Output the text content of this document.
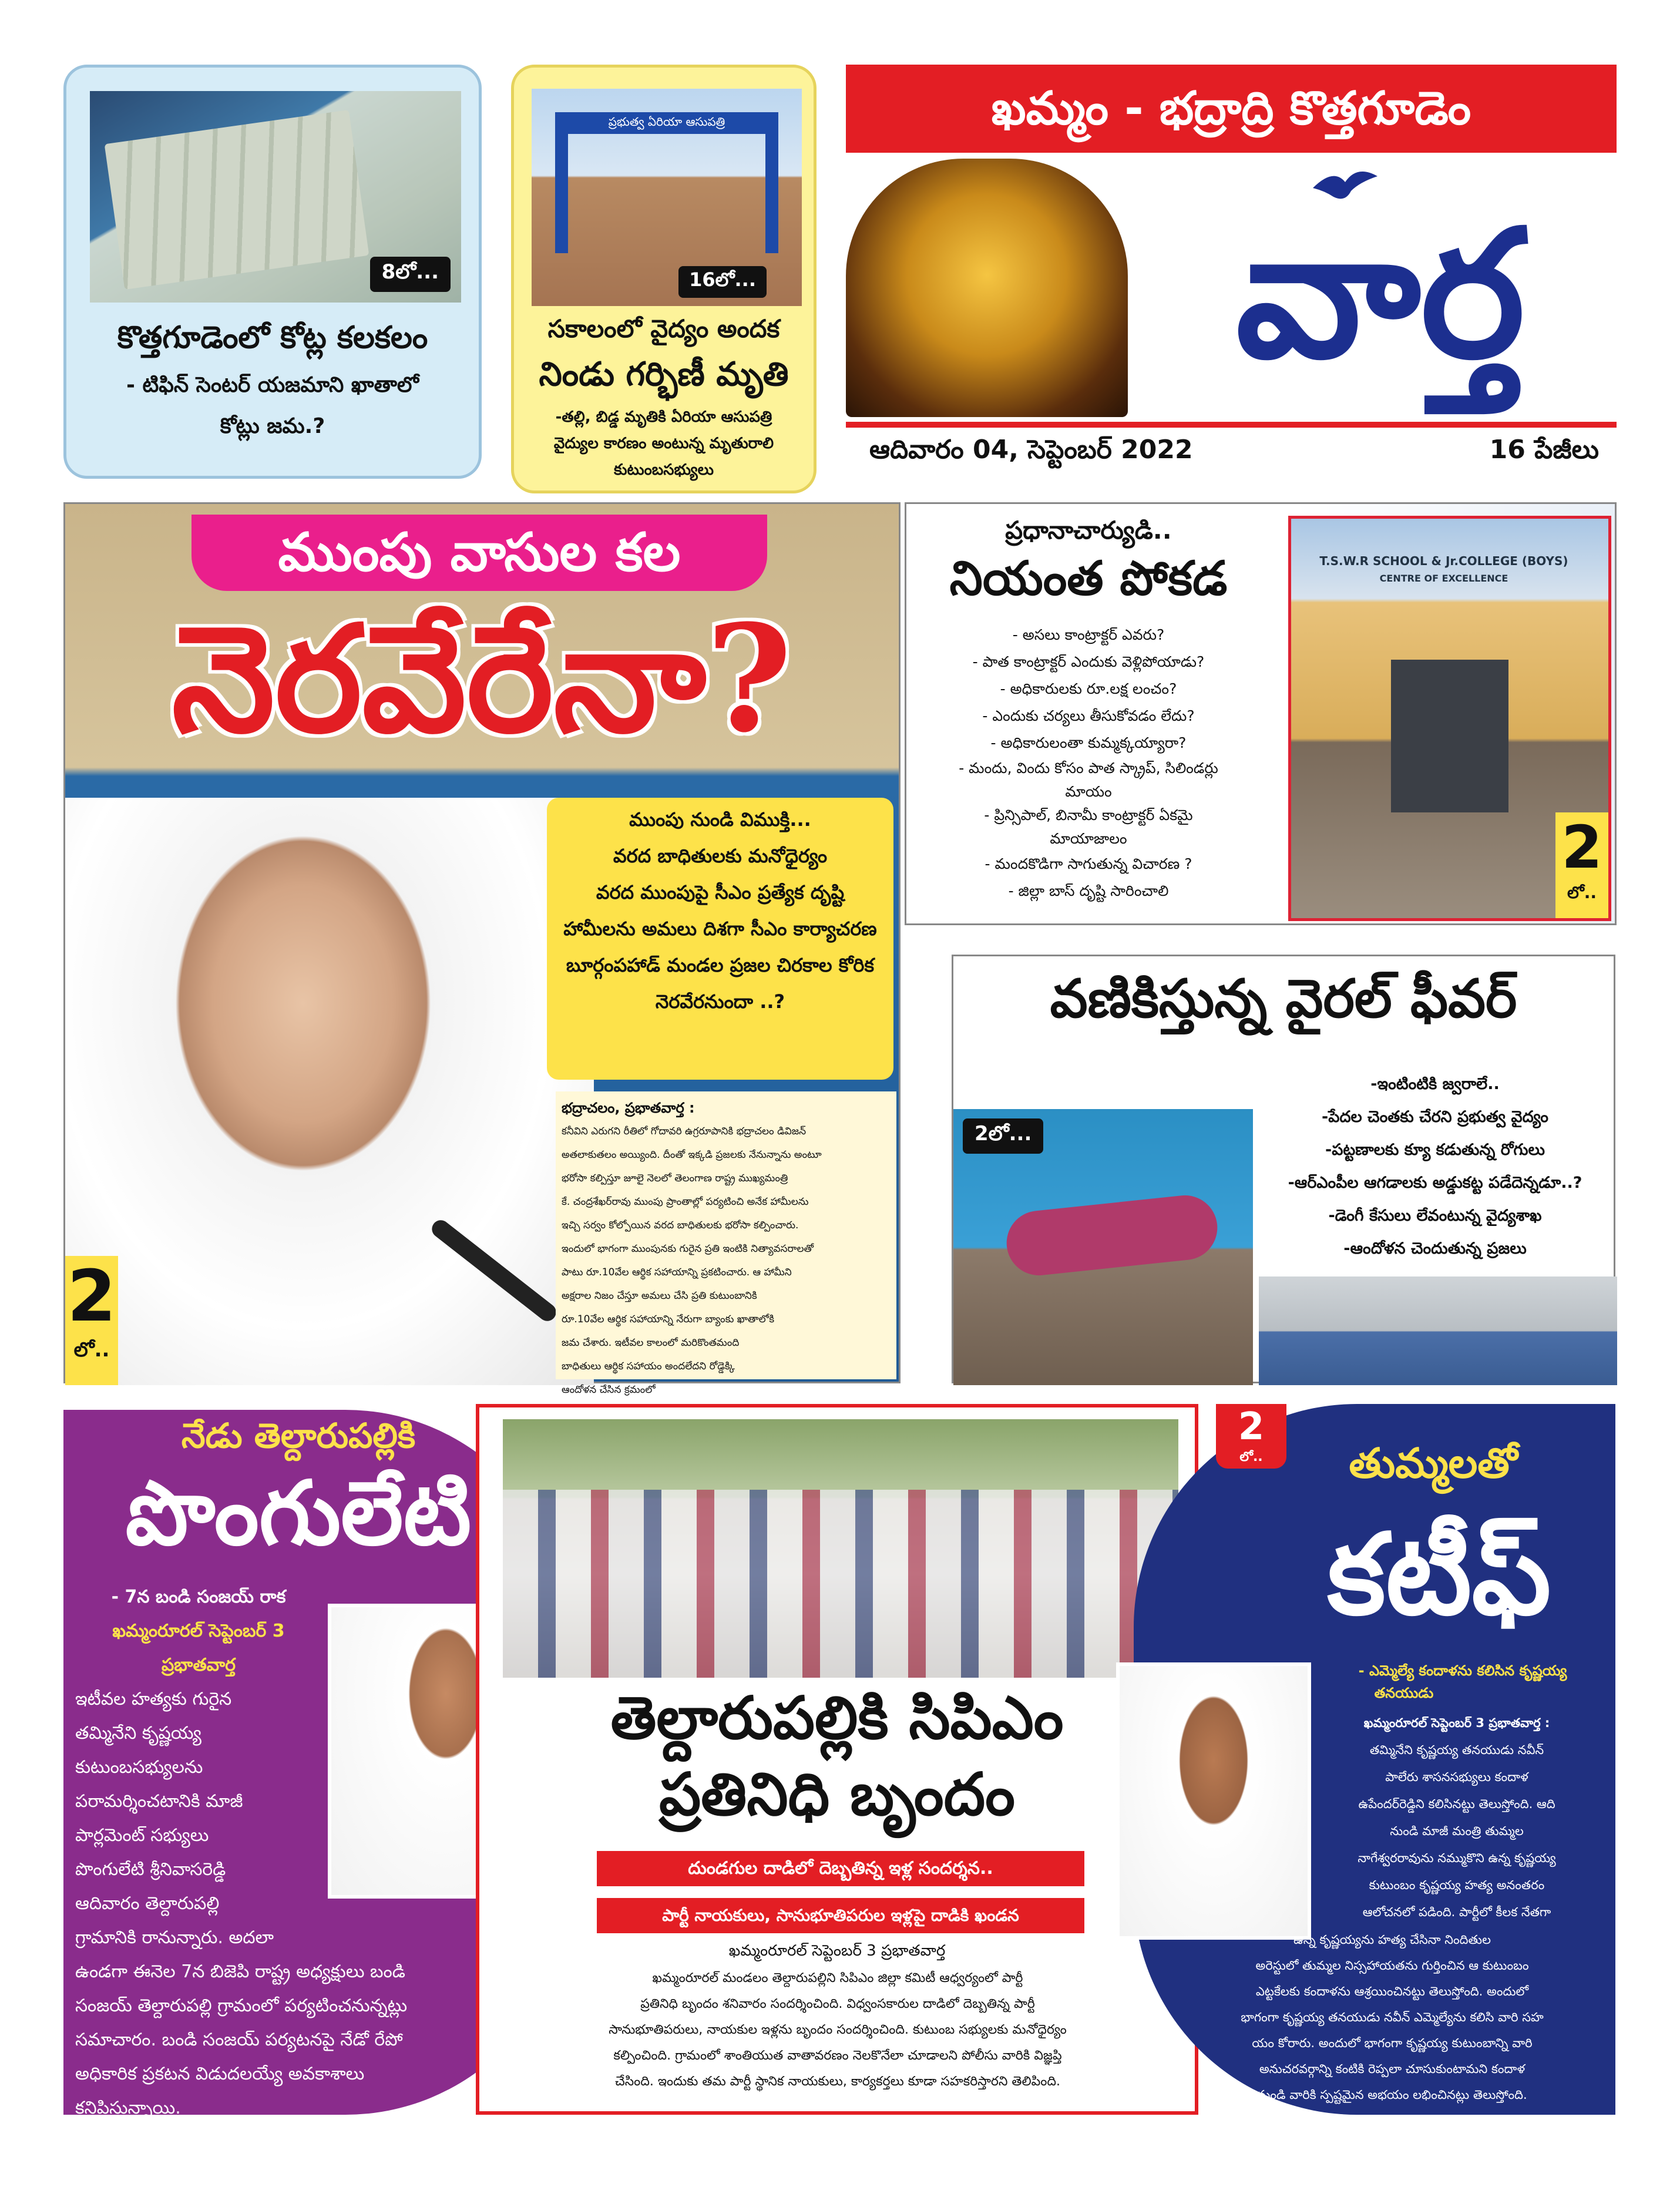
8లో...
కొత్తగూడెంలో కోట్ల కలకలం
- టిఫిన్ సెంటర్ యజమాని ఖాతాలో
కోట్లు జమ.?
ప్రభుత్వ ఏరియా ఆసుపత్రి
16లో...
సకాలంలో వైద్యం అందక
నిండు గర్భిణీ మృతి
-తల్లి, బిడ్డ మృతికి ఏరియా ఆసుపత్రి
వైద్యుల కారణం అంటున్న మృతురాలి
కుటుంబసభ్యులు
ఖమ్మం - భద్రాద్రి కొత్తగూడెం
వార్త
ఆదివారం 04, సెప్టెంబర్ 2022	16 పేజీలు
ముంపు వాసుల కల
నెరవేరేనా?
ముంపు నుండి విముక్తి...
వరద బాధితులకు మనోధైర్యం
వరద ముంపుపై సీఎం ప్రత్యేక దృష్టి
హామీలను అమలు దిశగా సీఎం కార్యాచరణ
బూర్గంపహాడ్ మండల ప్రజల చిరకాల కోరిక
నెరవేరనుందా ..?
భద్రాచలం, ప్రభాతవార్త :
కనీవిని ఎరుగని రీతిలో గోదావరి ఉగ్రరూపానికి భద్రాచలం డివిజన్
అతలాకుతలం అయ్యింది. దీంతో ఇక్కడి ప్రజలకు నేనున్నాను అంటూ
భరోసా కల్పిస్తూ జూలై నెలలో తెలంగాణ రాష్ట్ర ముఖ్యమంత్రి
కే. చంద్రశేఖర్‌రావు ముంపు ప్రాంతాల్లో పర్యటించి అనేక హామీలను
ఇచ్చి సర్వం కోల్పోయిన వరద బాధితులకు భరోసా కల్పించారు.
ఇందులో భాగంగా ముంపునకు గురైన ప్రతి ఇంటికి నిత్యావసరాలతో
పాటు రూ.10వేల ఆర్థిక సహాయాన్ని ప్రకటించారు. ఆ హామీని
అక్షరాల నిజం చేస్తూ అమలు చేసి ప్రతి కుటుంబానికి
రూ.10వేల ఆర్థిక సహాయాన్ని నేరుగా బ్యాంకు ఖాతాలోకి
జమ చేశారు. ఇటీవల కాలంలో మరికొంతమంది
బాధితులు ఆర్థిక సహాయం అందలేదని రోడ్డెక్కి
ఆందోళన చేసిన క్రమంలో
2
లో..
ప్రధానాచార్యుడి..
నియంత పోకడ
- అసలు కాంట్రాక్టర్ ఎవరు?
- పాత కాంట్రాక్టర్ ఎందుకు వెళ్లిపోయాడు?
- అధికారులకు రూ.లక్ష లంచం?
- ఎందుకు చర్యలు తీసుకోవడం లేదు?
- అధికారులంతా కుమ్మక్కయ్యారా?
- మందు, విందు కోసం పాత స్క్రాప్, సిలిండర్లు
మాయం
- ప్రిన్సిపాల్, బినామీ కాంట్రాక్టర్ ఏకమై
మాయాజాలం
- మందకొడిగా సాగుతున్న విచారణ ?
- జిల్లా బాస్ దృష్టి సారించాలి
T.S.W.R SCHOOL & Jr.COLLEGE (BOYS)
CENTRE OF EXCELLENCE
2
లో..
వణికిస్తున్న వైరల్ ఫీవర్
2లో...
-ఇంటింటికి జ్వరాలే..
-పేదల చెంతకు చేరని ప్రభుత్వ వైద్యం
-పట్టణాలకు క్యూ కడుతున్న రోగులు
-ఆర్ఎంపీల ఆగడాలకు అడ్డుకట్ట పడేదెన్నడూ..?
-డెంగీ కేసులు లేవంటున్న వైద్యశాఖ
-ఆందోళన చెందుతున్న ప్రజలు
నేడు తెల్దారుపల్లికి
పొంగులేటి
- 7న బండి సంజయ్ రాక
ఖమ్మంరూరల్ సెప్టెంబర్ 3
ప్రభాతవార్త
ఇటీవల హత్యకు గురైన
తమ్మినేని కృష్ణయ్య
కుటుంబసభ్యులను
పరామర్శించటానికి మాజీ
పార్లమెంట్ సభ్యులు
పొంగులేటి శ్రీనివాసరెడ్డి
ఆదివారం తెల్దారుపల్లి
గ్రామానికి రానున్నారు. అదలా
ఉండగా ఈనెల 7న బిజెపి రాష్ట్ర అధ్యక్షులు బండి
సంజయ్ తెల్దారుపల్లి గ్రామంలో పర్యటించనున్నట్లు
సమాచారం. బండి సంజయ్ పర్యటనపై నేడో రేపో
అధికారిక ప్రకటన విడుదలయ్యే అవకాశాలు
కనిపిస్తున్నాయి.
తెల్దారుపల్లికి సిపిఎం
ప్రతినిధి బృందం
దుండగుల దాడిలో దెబ్బతిన్న ఇళ్ల సందర్శన..
పార్టీ నాయకులు, సానుభూతిపరుల ఇళ్లపై దాడికి ఖండన
ఖమ్మంరూరల్ సెప్టెంబర్ 3 ప్రభాతవార్త
ఖమ్మంరూరల్ మండలం తెల్దారుపల్లిని సిపిఎం జిల్లా కమిటీ ఆధ్వర్యంలో పార్టీ
ప్రతినిధి బృందం శనివారం సందర్శించింది. విధ్వంసకారుల దాడిలో దెబ్బతిన్న పార్టీ
సానుభూతిపరులు, నాయకుల ఇళ్లను బృందం సందర్శించింది. కుటుంబ సభ్యులకు మనోధైర్యం
కల్పించింది. గ్రామంలో శాంతియుత వాతావరణం నెలకొనేలా చూడాలని పోలీసు వారికి విజ్ఞప్తి
చేసింది. ఇందుకు తమ పార్టీ స్థానిక నాయకులు, కార్యకర్తలు కూడా సహకరిస్తారని తెలిపింది.
2
లో..	తుమ్మలతో
కటీఫ్
- ఎమ్మెల్యే కందాళను కలిసిన కృష్ణయ్య
తనయుడు
ఖమ్మంరూరల్ సెప్టెంబర్ 3 ప్రభాతవార్త :
తమ్మినేని కృష్ణయ్య తనయుడు నవీన్
పాలేరు శాసనసభ్యులు కందాళ
ఉపేందర్‌రెడ్డిని కలిసినట్టు తెలుస్తోంది. ఆది
నుండి మాజీ మంత్రి తుమ్మల
నాగేశ్వరరావును నమ్ముకొని ఉన్న కృష్ణయ్య
కుటుంబం కృష్ణయ్య హత్య అనంతరం
ఆలోచనలో పడింది. పార్టీలో కీలక నేతగా
ఉన్న కృష్ణయ్యను హత్య చేసినా నిందితుల
అరెస్టులో తుమ్మల నిస్సహాయతను గుర్తించిన ఆ కుటుంబం
ఎట్టకేలకు కందాళను ఆశ్రయించినట్టు తెలుస్తోంది. అందులో
భాగంగా కృష్ణయ్య తనయుడు నవీన్ ఎమ్మెల్యేను కలిసి వారి సహ
యం కోరారు. అందులో భాగంగా కృష్ణయ్య కుటుంబాన్ని వారి
అనుచరవర్గాన్ని కంటికి రెప్పలా చూసుకుంటామని కందాళ
నుండి వారికి స్పష్టమైన అభయం లభించినట్లు తెలుస్తోంది.
